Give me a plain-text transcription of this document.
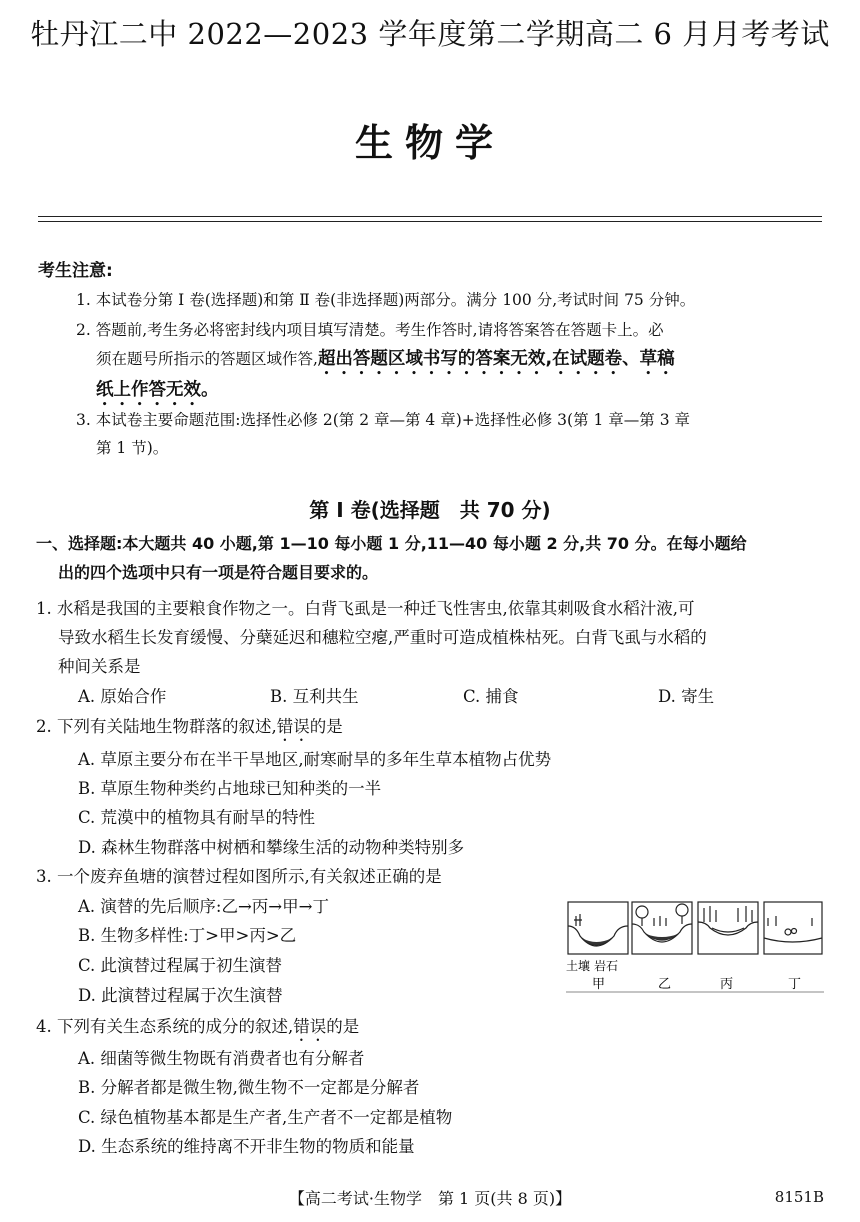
牡丹江二中 2022—2023 学年度第二学期高二 6 月月考考试
生物学
考生注意:
1. 本试卷分第 Ⅰ 卷(选择题)和第 Ⅱ 卷(非选择题)两部分。满分 100 分,考试时间 75 分钟。
2. 答题前,考生务必将密封线内项目填写清楚。考生作答时,请将答案答在答题卡上。必
须在题号所指示的答题区域作答,超出答题区域书写的答案无效,在试题卷、草稿
纸上作答无效。
3. 本试卷主要命题范围:选择性必修 2(第 2 章—第 4 章)+选择性必修 3(第 1 章—第 3 章
第 1 节)。
第 Ⅰ 卷(选择题　共 70 分)
一、选择题:本大题共 40 小题,第 1—10 每小题 1 分,11—40 每小题 2 分,共 70 分。在每小题给
出的四个选项中只有一项是符合题目要求的。
1. 水稻是我国的主要粮食作物之一。白背飞虱是一种迁飞性害虫,依靠其刺吸食水稻汁液,可
导致水稻生长发育缓慢、分蘖延迟和穗粒空瘪,严重时可造成植株枯死。白背飞虱与水稻的
种间关系是
A. 原始合作	B. 互利共生	C. 捕食	D. 寄生
2. 下列有关陆地生物群落的叙述,错误的是
A. 草原主要分布在半干旱地区,耐寒耐旱的多年生草本植物占优势
B. 草原生物种类约占地球已知种类的一半
C. 荒漠中的植物具有耐旱的特性
D. 森林生物群落中树栖和攀缘生活的动物种类特别多
3. 一个废弃鱼塘的演替过程如图所示,有关叙述正确的是
A. 演替的先后顺序:乙→丙→甲→丁
B. 生物多样性:丁>甲>丙>乙
C. 此演替过程属于初生演替
D. 此演替过程属于次生演替
土壤 岩石
甲	乙	丙	丁
4. 下列有关生态系统的成分的叙述,错误的是
A. 细菌等微生物既有消费者也有分解者
B. 分解者都是微生物,微生物不一定都是分解者
C. 绿色植物基本都是生产者,生产者不一定都是植物
D. 生态系统的维持离不开非生物的物质和能量
【高二考试·生物学　第 1 页(共 8 页)】	8151B
